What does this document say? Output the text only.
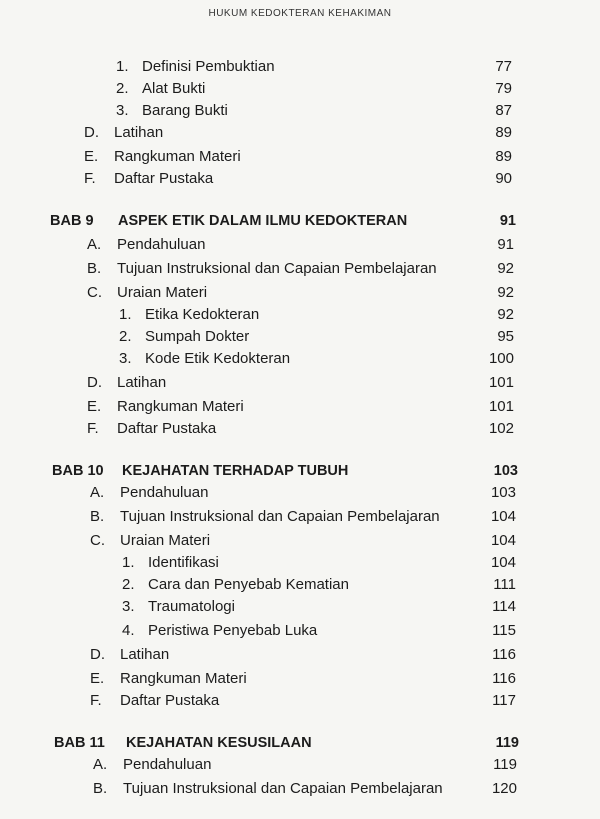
HUKUM KEDOKTERAN KEHAKIMAN
1. Definisi Pembuktian	77
2. Alat Bukti	79
3. Barang Bukti	87
D. Latihan	89
E. Rangkuman Materi	89
F. Daftar Pustaka	90
BAB 9 ASPEK ETIK DALAM ILMU KEDOKTERAN	91
A. Pendahuluan	91
B. Tujuan Instruksional dan Capaian Pembelajaran	92
C. Uraian Materi	92
1. Etika Kedokteran	92
2. Sumpah Dokter	95
3. Kode Etik Kedokteran	100
D. Latihan	101
E. Rangkuman Materi	101
F. Daftar Pustaka	102
BAB 10 KEJAHATAN TERHADAP TUBUH	103
A. Pendahuluan	103
B. Tujuan Instruksional dan Capaian Pembelajaran	104
C. Uraian Materi	104
1. Identifikasi	104
2. Cara dan Penyebab Kematian	111
3. Traumatologi	114
4. Peristiwa Penyebab Luka	115
D. Latihan	116
E. Rangkuman Materi	116
F. Daftar Pustaka	117
BAB 11 KEJAHATAN KESUSILAAN	119
A. Pendahuluan	119
B. Tujuan Instruksional dan Capaian Pembelajaran	120
